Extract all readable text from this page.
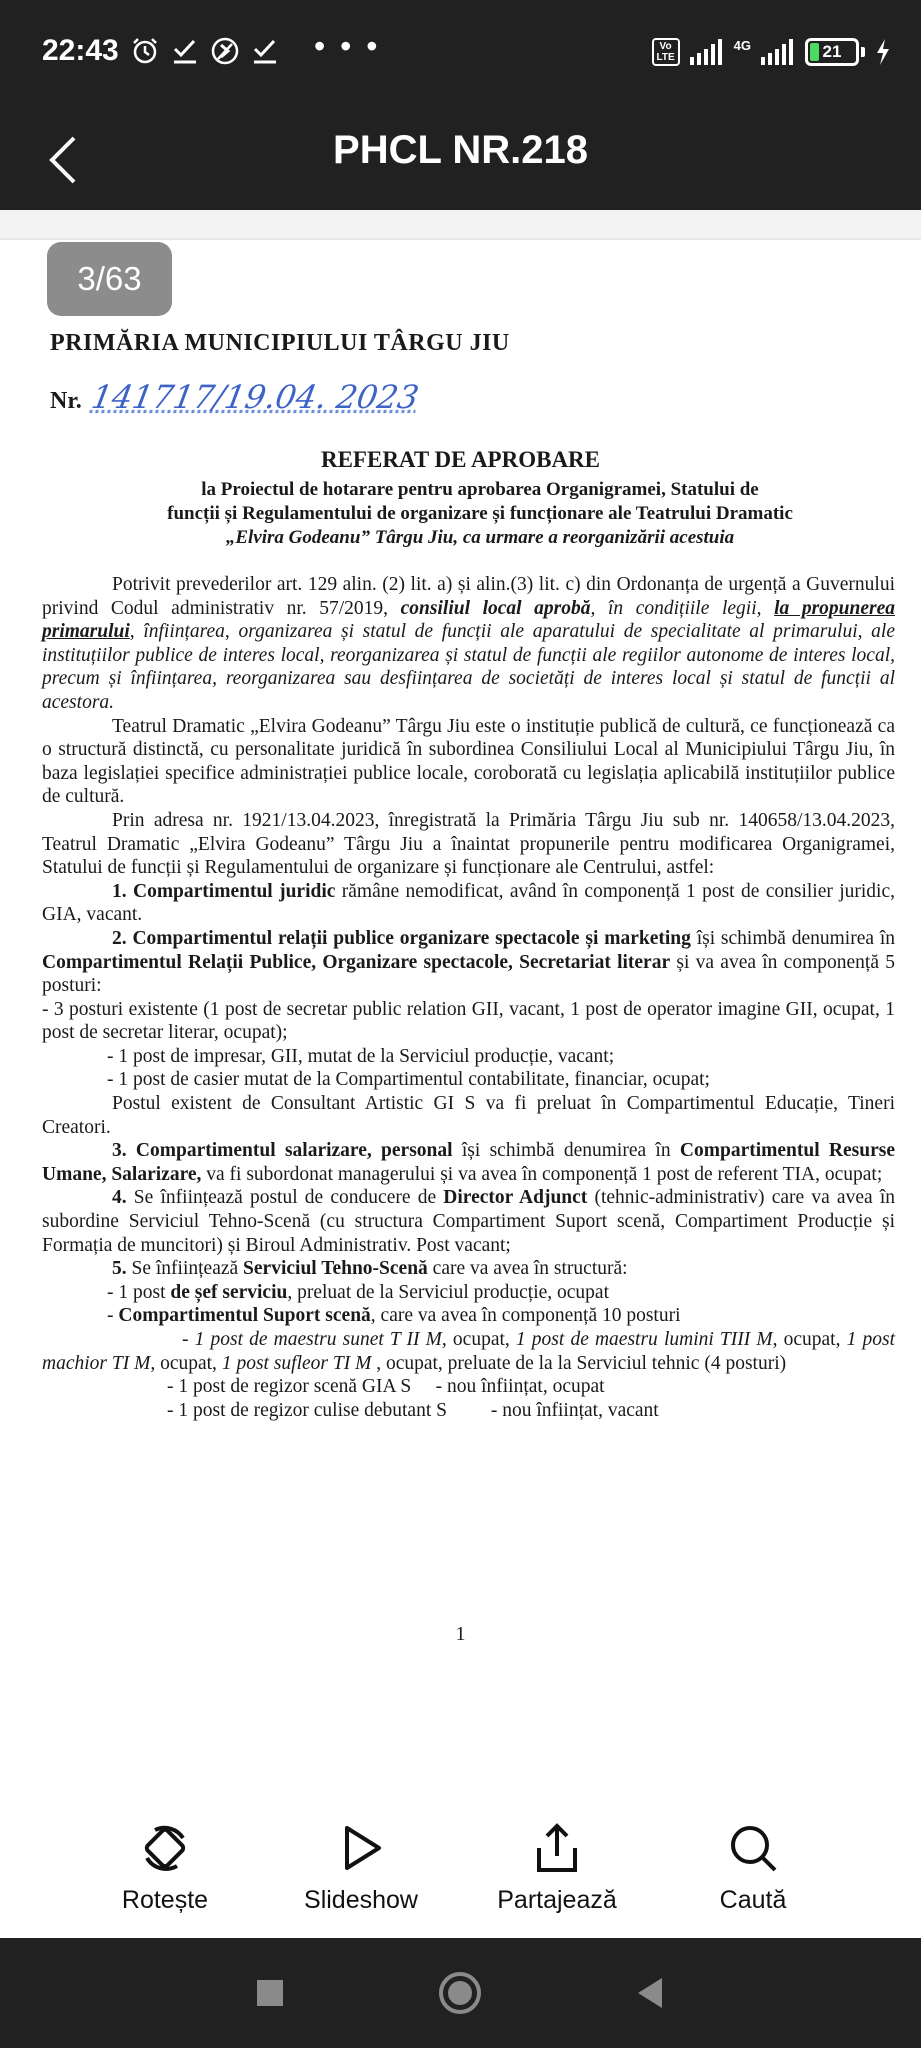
22:43	• • •	Vo
LTE
4G	21
PHCL NR.218
3/63
PRIMĂRIA MUNICIPIULUI TÂRGU JIU
Nr. 141717/19.04. 2023
REFERAT DE APROBARE
la Proiectul de hotarare pentru aprobarea Organigramei, Statului de
funcții și Regulamentului de organizare și funcționare ale Teatrului Dramatic
„Elvira Godeanu” Târgu Jiu, ca urmare a reorganizării acestuia

Potrivit prevederilor art. 129 alin. (2) lit. a) și alin.(3) lit. c) din Ordonanța de urgență a Guvernului privind Codul administrativ nr. 57/2019, consiliul local aprobă, în condițiile legii, la propunerea primarului, înființarea, organizarea și statul de funcții ale aparatului de specialitate al primarului, ale instituțiilor publice de interes local, reorganizarea și statul de funcții ale regiilor autonome de interes local, precum și înființarea, reorganizarea sau desființarea de societăți de interes local și statul de funcții al acestora.

Teatrul Dramatic „Elvira Godeanu” Târgu Jiu este o instituție publică de cultură, ce funcționează ca o structură distinctă, cu personalitate juridică în subordinea Consiliului Local al Municipiului Târgu Jiu, în baza legislației specifice administrației publice locale, coroborată cu legislația aplicabilă instituțiilor publice de cultură.

Prin adresa nr. 1921/13.04.2023, înregistrată la Primăria Târgu Jiu sub nr. 140658/13.04.2023, Teatrul Dramatic „Elvira Godeanu” Târgu Jiu a înaintat propunerile pentru modificarea Organigramei, Statului de funcții și Regulamentului de organizare și funcționare ale Centrului, astfel:

1. Compartimentul juridic rămâne nemodificat, având în componență 1 post de consilier juridic, GIA, vacant.

2. Compartimentul relații publice organizare spectacole și marketing își schimbă denumirea în Compartimentul Relații Publice, Organizare spectacole, Secretariat literar și va avea în componență 5 posturi:

- 3 posturi existente (1 post de secretar public relation GII, vacant, 1 post de operator imagine GII, ocupat, 1 post de secretar literar, ocupat);

- 1 post de impresar, GII, mutat de la Serviciul producție, vacant;

- 1 post de casier mutat de la Compartimentul contabilitate, financiar, ocupat;

Postul existent de Consultant Artistic GI S va fi preluat în Compartimentul Educație, Tineri Creatori.

3. Compartimentul salarizare, personal își schimbă denumirea în Compartimentul Resurse Umane, Salarizare, va fi subordonat managerului și va avea în componență 1 post de referent TIA, ocupat;

4. Se înființează postul de conducere de Director Adjunct (tehnic-administrativ) care va avea în subordine Serviciul Tehno-Scenă (cu structura Compartiment Suport scenă, Compartiment Producție și Formația de muncitori) și Biroul Administrativ. Post vacant;

5. Se înființează Serviciul Tehno-Scenă care va avea în structură:

- 1 post de șef serviciu, preluat de la Serviciul producție, ocupat

- Compartimentul Suport scenă, care va avea în componență 10 posturi

- 1 post de maestru sunet T II M, ocupat, 1 post de maestru lumini TIII M, ocupat, 1 post machior TI M, ocupat, 1 post sufleor TI M , ocupat, preluate de la la Serviciul tehnic (4 posturi)

- 1 post de regizor scenă GIA S     - nou înființat, ocupat

- 1 post de regizor culise debutant S         - nou înființat, vacant

1
Rotește	Slideshow	Partajează	Caută
